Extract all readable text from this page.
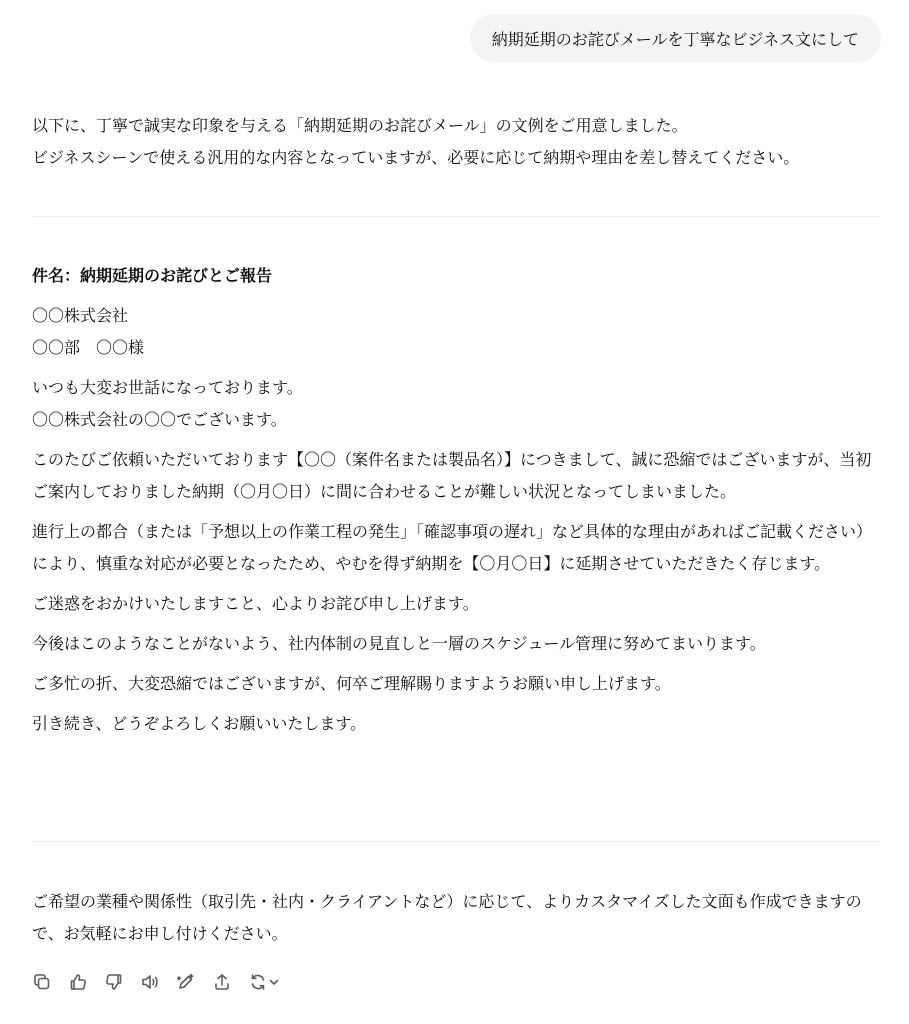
納期延期のお詫びメールを丁寧なビジネス文にして

以下に、丁寧で誠実な印象を与える「納期延期のお詫びメール」の文例をご用意しました。

ビジネスシーンで使える汎用的な内容となっていますが、必要に応じて納期や理由を差し替えてください。

件名：納期延期のお詫びとご報告

〇〇株式会社

〇〇部　〇〇様

いつも大変お世話になっております。

〇〇株式会社の〇〇でございます。

このたびご依頼いただいております【〇〇（案件名または製品名）】につきまして、誠に恐縮ではございますが、当初ご案内しておりました納期（〇月〇日）に間に合わせることが難しい状況となってしまいました。

進行上の都合（または「予想以上の作業工程の発生」「確認事項の遅れ」など具体的な理由があればご記載ください）により、慎重な対応が必要となったため、やむを得ず納期を【〇月〇日】に延期させていただきたく存じます。

ご迷惑をおかけいたしますこと、心よりお詫び申し上げます。

今後はこのようなことがないよう、社内体制の見直しと一層のスケジュール管理に努めてまいります。

ご多忙の折、大変恐縮ではございますが、何卒ご理解賜りますようお願い申し上げます。

引き続き、どうぞよろしくお願いいたします。

ご希望の業種や関係性（取引先・社内・クライアントなど）に応じて、よりカスタマイズした文面も作成できますので、お気軽にお申し付けください。
